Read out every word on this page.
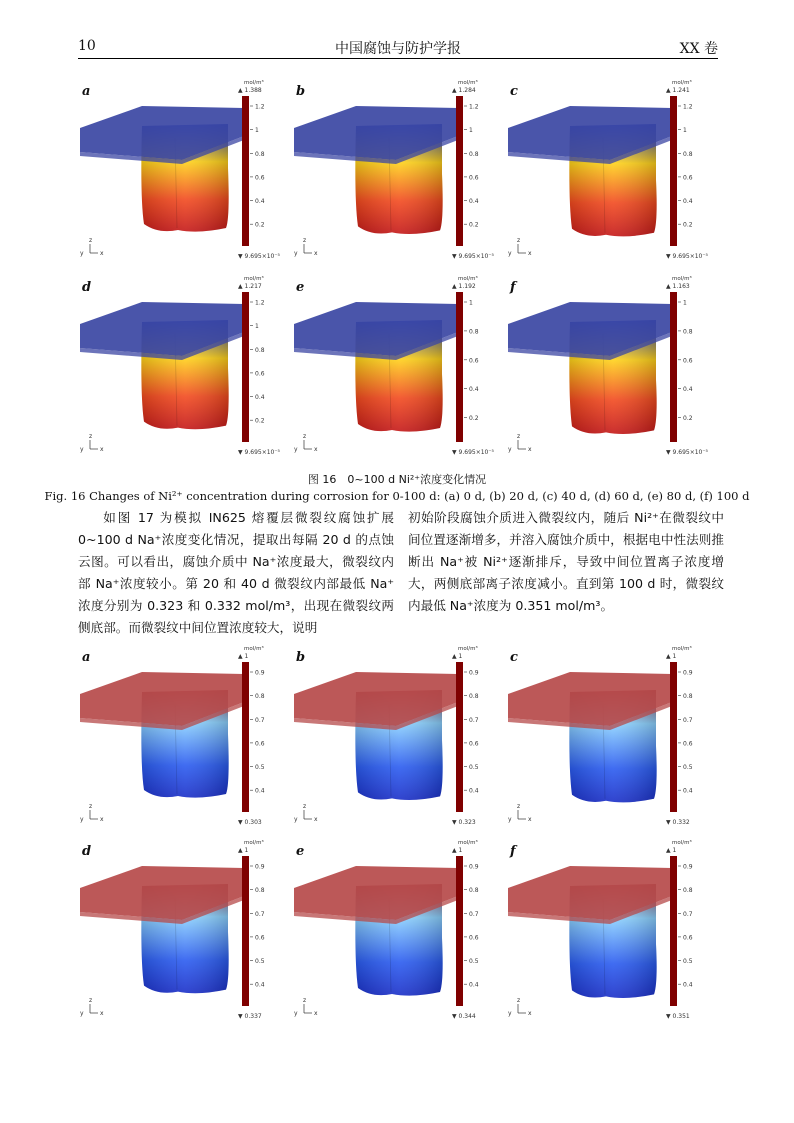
10	中国腐蚀与防护学报	XX 卷
a
z
y	x
mol/m³
▲ 1.388
1.2
1
0.8
0.6
0.4
0.2
▼ 9.695×10⁻⁵
b
z
y	x
mol/m³
▲ 1.284
1.2
1
0.8
0.6
0.4
0.2
▼ 9.695×10⁻⁵
c
z
y	x
mol/m³
▲ 1.241
1.2
1
0.8
0.6
0.4
0.2
▼ 9.695×10⁻⁵
d
z
y	x
mol/m³
▲ 1.217
1.2
1
0.8
0.6
0.4
0.2
▼ 9.695×10⁻⁵
e
z
y	x
mol/m³
▲ 1.192
1
0.8
0.6
0.4
0.2
▼ 9.695×10⁻⁵
f
z
y	x
mol/m³
▲ 1.163
1
0.8
0.6
0.4
0.2
▼ 9.695×10⁻⁵
图 16　0~100 d Ni²⁺浓度变化情况
Fig. 16 Changes of Ni²⁺ concentration during corrosion for 0-100 d: (a) 0 d, (b) 20 d, (c) 40 d, (d) 60 d, (e) 80 d, (f) 100 d

如图 17 为模拟 IN625 熔覆层微裂纹腐蚀扩展 0~100 d Na⁺浓度变化情况，提取出每隔 20 d 的点蚀云图。可以看出，腐蚀介质中 Na⁺浓度最大，微裂纹内部 Na⁺浓度较小。第 20 和 40 d 微裂纹内部最低 Na⁺浓度分别为 0.323 和 0.332 mol/m³，出现在微裂纹两侧底部。而微裂纹中间位置浓度较大，说明

初始阶段腐蚀介质进入微裂纹内，随后 Ni²⁺在微裂纹中间位置逐渐增多，并溶入腐蚀介质中，根据电中性法则推断出 Na⁺被 Ni²⁺逐渐排斥，导致中间位置离子浓度增大，两侧底部离子浓度减小。直到第 100 d 时，微裂纹内最低 Na⁺浓度为 0.351 mol/m³。

a
z
y	x
mol/m³
▲ 1
0.9
0.8
0.7
0.6
0.5
0.4
▼ 0.303
b
z
y	x
mol/m³
▲ 1
0.9
0.8
0.7
0.6
0.5
0.4
▼ 0.323
c
z
y	x
mol/m³
▲ 1
0.9
0.8
0.7
0.6
0.5
0.4
▼ 0.332
d
z
y	x
mol/m³
▲ 1
0.9
0.8
0.7
0.6
0.5
0.4
▼ 0.337
e
z
y	x
mol/m³
▲ 1
0.9
0.8
0.7
0.6
0.5
0.4
▼ 0.344
f
z
y	x
mol/m³
▲ 1
0.9
0.8
0.7
0.6
0.5
0.4
▼ 0.351
